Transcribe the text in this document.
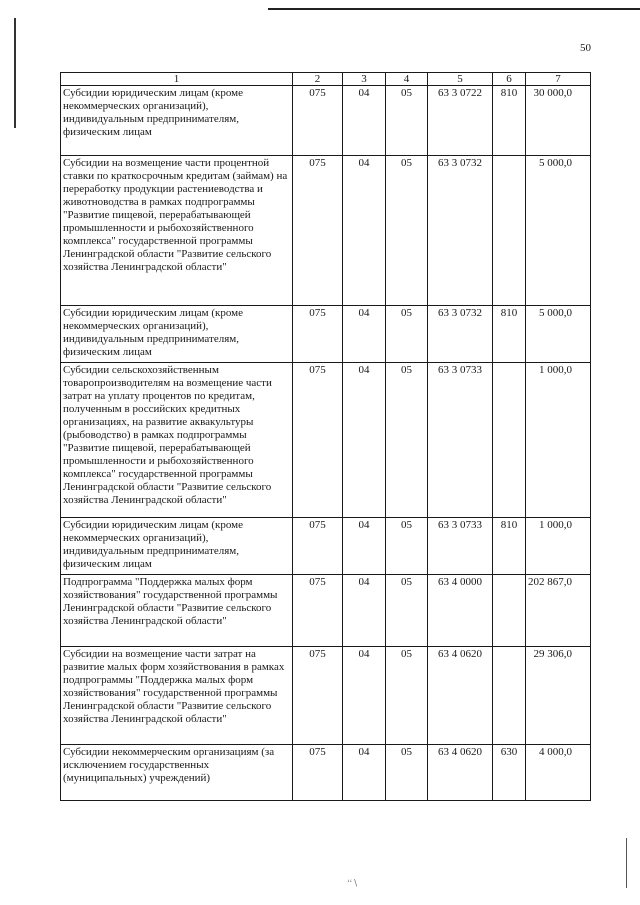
‘‘∖
50
1	2	3	4	5	6	7
Субсидии юридическим лицам (кроме некоммерческих организаций), индивидуальным предпринимателям, физическим лицам	075	04	05	63 3 0722	810	30 000,0
Субсидии на возмещение части процентной ставки по краткосрочным кредитам (займам) на переработку продукции растениеводства и животноводства в рамках подпрограммы "Развитие пищевой, перерабатывающей промышленности и рыбохозяйственного комплекса" государственной программы Ленинградской области "Развитие сельского хозяйства Ленинградской области"	075	04	05	63 3 0732		5 000,0
Субсидии юридическим лицам (кроме некоммерческих организаций), индивидуальным предпринимателям, физическим лицам	075	04	05	63 3 0732	810	5 000,0
Субсидии сельскохозяйственным товаропроизводителям на возмещение части затрат на уплату процентов по кредитам, полученным в российских кредитных организациях, на развитие аквакультуры (рыбоводство) в рамках подпрограммы "Развитие пищевой, перерабатывающей промышленности и рыбохозяйственного комплекса" государственной программы Ленинградской области "Развитие сельского хозяйства Ленинградской области"	075	04	05	63 3 0733		1 000,0
Субсидии юридическим лицам (кроме некоммерческих организаций), индивидуальным предпринимателям, физическим лицам	075	04	05	63 3 0733	810	1 000,0
Подпрограмма "Поддержка малых форм хозяйствования" государственной программы Ленинградской области "Развитие сельского хозяйства Ленинградской области"	075	04	05	63 4 0000		202 867,0
Субсидии на возмещение части затрат на развитие малых форм хозяйствования в рамках подпрограммы "Поддержка малых форм хозяйствования" государственной программы Ленинградской области "Развитие сельского хозяйства Ленинградской области"	075	04	05	63 4 0620		29 306,0
Субсидии некоммерческим организациям (за исключением государственных (муниципальных) учреждений)	075	04	05	63 4 0620	630	4 000,0
